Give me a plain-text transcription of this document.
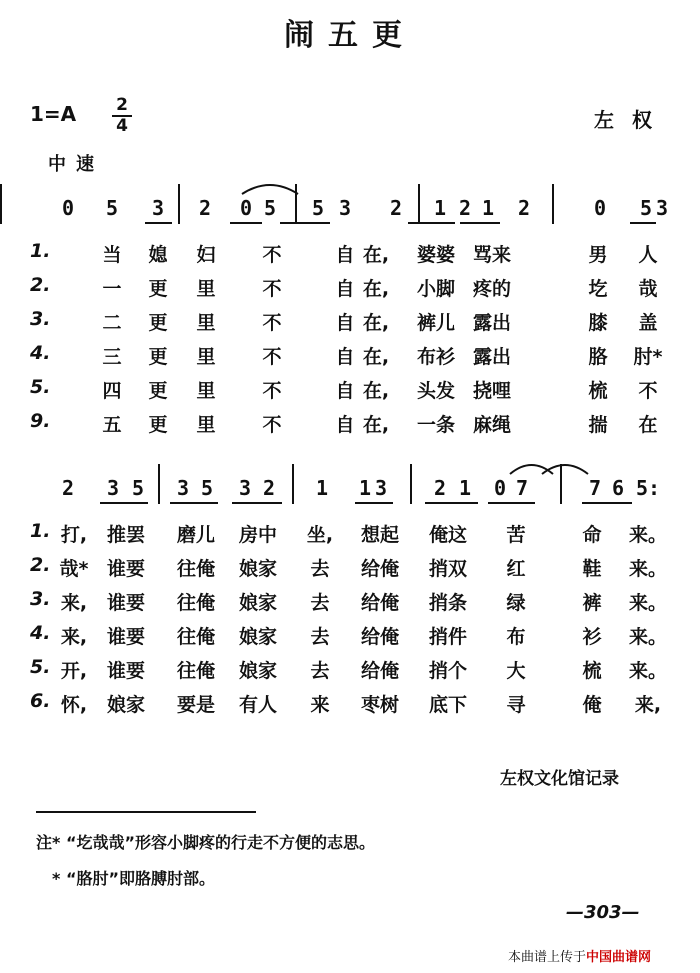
闹五更
$1=A \frac{2}{4}$	左权
中速
0	5	3	2	0 5	5 3	2	1 2 1	2	0	5 3
1.	当 媳 妇 不	自 在,	婆婆 骂来	男 人
2.	一 更 里 不	自 在,	小脚 疼的	圪 哉
3.	二 更 里 不	自 在,	裤儿 露出	膝 盖
4.	三 更 里 不	自 在,	布衫 露出	胳	肘*
5.	四 更 里 不	自 在,	头发 挠哩	梳 不
9.	五 更 里 不	自 在,	一条 麻绳	揣 在
2	3 5	3 5	3 2	1	1 3	2 1	0 7	7 6 5:
1. 打,	推罢	磨儿	房中	坐,	想起	俺这	苦	命	来。
2. 哉* 谁要	往俺	娘家	去	给俺	捎双	红	鞋	来。
3. 来,	谁要	往俺	娘家	去	给俺	捎条	绿	裤	来。
4. 来,	谁要	往俺	娘家	去	给俺	捎件	布	衫	来。
5. 开,	谁要	往俺	娘家	去	给俺	捎个	大	梳	来。
6. 怀,	娘家	要是	有人	来	枣树	底下	寻	俺	来,
左权文化馆记录
注* “圪哉哉”形容小脚疼的行走不方便的志思。
* “胳肘”即胳膊肘部。
—303—
本曲谱上传于中国曲谱网
